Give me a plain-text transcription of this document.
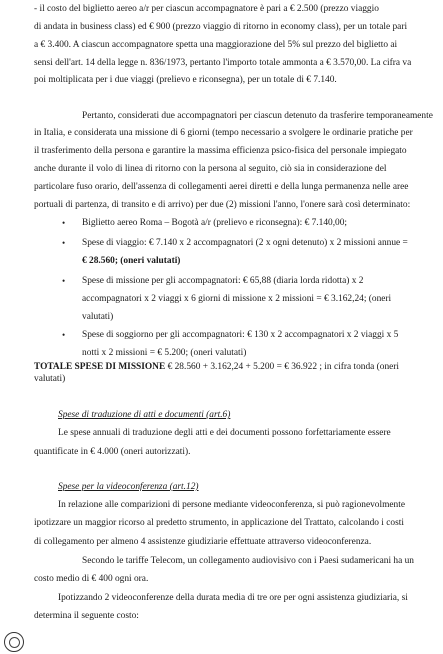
- il costo del biglietto aereo a/r per ciascun accompagnatore è pari a € 2.500 (prezzo viaggio
di andata in business class) ed € 900 (prezzo viaggio di ritorno in economy class), per un totale pari
a € 3.400. A ciascun accompagnatore spetta una maggiorazione del 5% sul prezzo del biglietto ai
sensi dell'art. 14 della legge n. 836/1973, pertanto l'importo totale ammonta a € 3.570,00. La cifra va
poi moltiplicata per i due viaggi (prelievo e riconsegna), per un totale di € 7.140.
Pertanto, considerati due accompagnatori per ciascun detenuto da trasferire temporaneamente
in Italia, e considerata una missione di 6 giorni (tempo necessario a svolgere le ordinarie pratiche per
il trasferimento della persona e garantire la massima efficienza psico-fisica del personale impiegato
anche durante il volo di linea di ritorno con la persona al seguito, ciò sia in considerazione del
particolare fuso orario, dell'assenza di collegamenti aerei diretti e della lunga permanenza nelle aree
portuali di partenza, di transito e di arrivo) per due (2) missioni l'anno, l'onere sarà così determinato:
• Biglietto aereo Roma – Bogotà a/r (prelievo e riconsegna): € 7.140,00;
• Spese di viaggio: € 7.140 x 2 accompagnatori (2 x ogni detenuto) x 2 missioni annue =
€ 28.560; (oneri valutati)
• Spese di missione per gli accompagnatori: € 65,88 (diaria lorda ridotta) x 2
accompagnatori x 2 viaggi x 6 giorni di missione x 2 missioni = € 3.162,24; (oneri
valutati)
• Spese di soggiorno per gli accompagnatori: € 130 x 2 accompagnatori x 2 viaggi x 5
notti x 2 missioni = € 5.200; (oneri valutati)
TOTALE SPESE DI MISSIONE € 28.560 + 3.162,24 + 5.200 = € 36.922 ; in cifra tonda (oneri
valutati)
Spese di traduzione di atti e documenti (art.6)
Le spese annuali di traduzione degli atti e dei documenti possono forfettariamente essere
quantificate in € 4.000 (oneri autorizzati).
Spese per la videoconferenza (art.12)
In relazione alle comparizioni di persone mediante videoconferenza, si può ragionevolmente
ipotizzare un maggior ricorso al predetto strumento, in applicazione del Trattato, calcolando i costi
di collegamento per almeno 4 assistenze giudiziarie effettuate attraverso videoconferenza.
Secondo le tariffe Telecom, un collegamento audiovisivo con i Paesi sudamericani ha un
costo medio di € 400 ogni ora.
Ipotizzando 2 videoconferenze della durata media di tre ore per ogni assistenza giudiziaria, si
determina il seguente costo:
